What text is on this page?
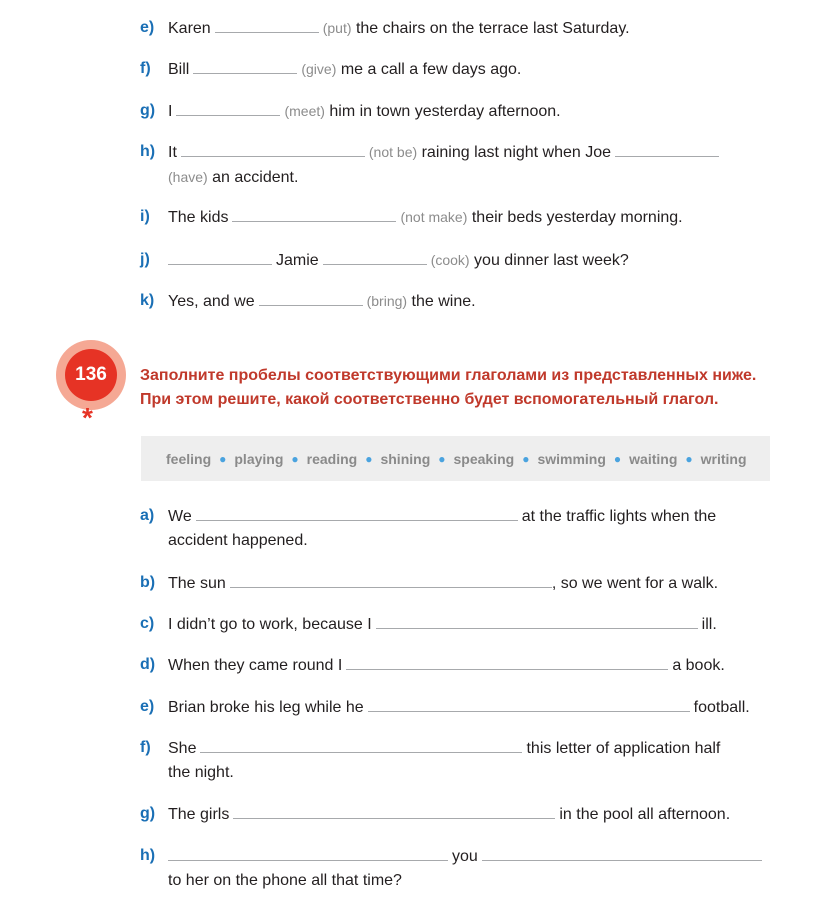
e) Karen	(put) the chairs on the terrace last Saturday.
f) Bill	(give) me a call a few days ago.
g) I	(meet) him in town yesterday afternoon.
h) It	(not be) raining last night when Joe
(have) an accident.
i) The kids	(not make) their beds yesterday morning.
j)	Jamie	(cook) you dinner last week?
k) Yes, and we	(bring) the wine.
136
*
Заполните пробелы соответствующими глаголами из представленных ниже.
При этом решите, какой соответственно будет вспомогательный глагол.
feeling ● playing ● reading ● shining ● speaking ● swimming ● waiting ● writing
a) We	at the traffic lights when the
accident happened.
b) The sun	, so we went for a walk.
c) I didn’t go to work, because I	ill.
d) When they came round I	a book.
e) Brian broke his leg while he	football.
f) She	this letter of application half
the night.
g) The girls	in the pool all afternoon.
h)	you
to her on the phone all that time?
